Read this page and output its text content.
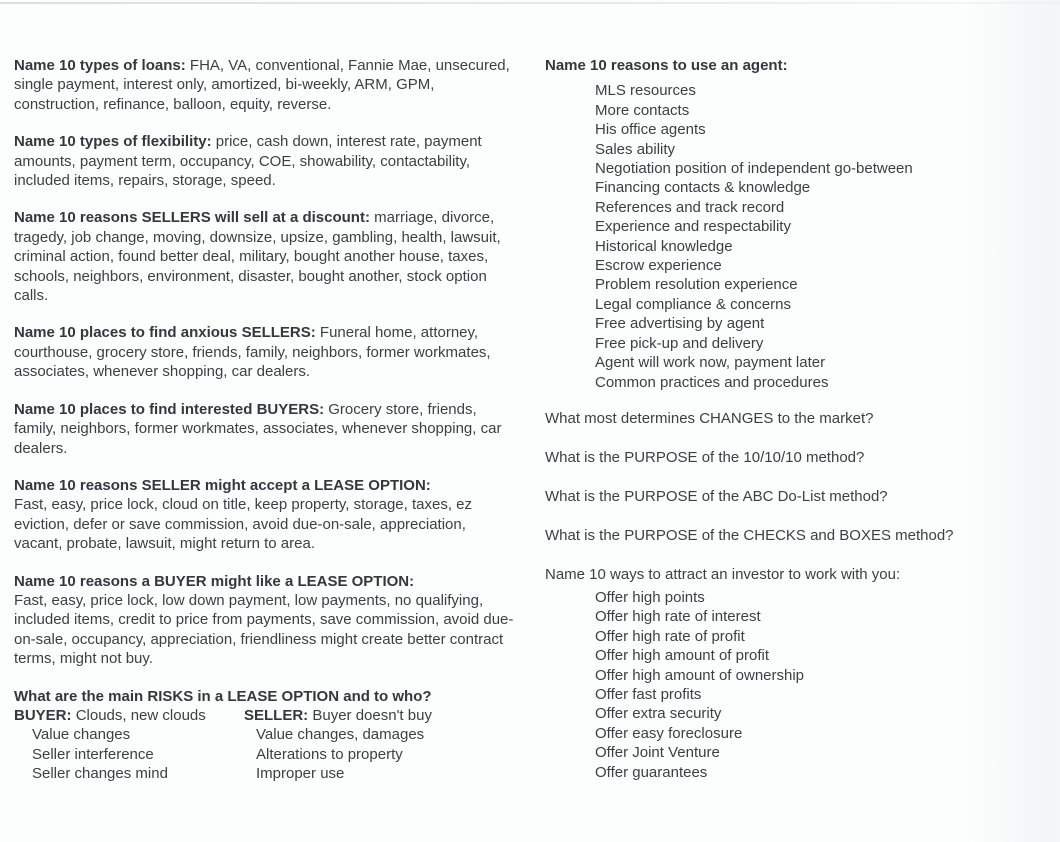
Name 10 types of loans: FHA, VA, conventional, Fannie Mae, unsecured, single payment, interest only, amortized, bi-weekly, ARM, GPM, construction, refinance, balloon, equity, reverse.

Name 10 types of flexibility: price, cash down, interest rate, payment amounts, payment term, occupancy, COE, showability, contactability, included items, repairs, storage, speed.

Name 10 reasons SELLERS will sell at a discount: marriage, divorce, tragedy, job change, moving, downsize, upsize, gambling, health, lawsuit, criminal action, found better deal, military, bought another house, taxes, schools, neighbors, environment, disaster, bought another, stock option calls.

Name 10 places to find anxious SELLERS: Funeral home, attorney, courthouse, grocery store, friends, family, neighbors, former workmates, associates, whenever shopping, car dealers.

Name 10 places to find interested BUYERS: Grocery store, friends, family, neighbors, former workmates, associates, whenever shopping, car dealers.

Name 10 reasons SELLER might accept a LEASE OPTION:
Fast, easy, price lock, cloud on title, keep property, storage, taxes, ez eviction, defer or save commission, avoid due-on-sale, appreciation, vacant, probate, lawsuit, might return to area.

Name 10 reasons a BUYER might like a LEASE OPTION:
Fast, easy, price lock, low down payment, low payments, no qualifying, included items, credit to price from payments, save commission, avoid due-on-sale, occupancy, appreciation, friendliness might create better contract terms, might not buy.

What are the main RISKS in a LEASE OPTION and to who?
BUYER: Clouds, new clouds
Value changes
Seller interference
Seller changes mind
SELLER: Buyer doesn't buy
Value changes, damages
Alterations to property
Improper use

Name 10 reasons to use an agent:

MLS resources
More contacts
His office agents
Sales ability
Negotiation position of independent go-between
Financing contacts & knowledge
References and track record
Experience and respectability
Historical knowledge
Escrow experience
Problem resolution experience
Legal compliance & concerns
Free advertising by agent
Free pick-up and delivery
Agent will work now, payment later
Common practices and procedures

What most determines CHANGES to the market?

What is the PURPOSE of the 10/10/10 method?

What is the PURPOSE of the ABC Do-List method?

What is the PURPOSE of the CHECKS and BOXES method?

Name 10 ways to attract an investor to work with you:

Offer high points
Offer high rate of interest
Offer high rate of profit
Offer high amount of profit
Offer high amount of ownership
Offer fast profits
Offer extra security
Offer easy foreclosure
Offer Joint Venture
Offer guarantees
